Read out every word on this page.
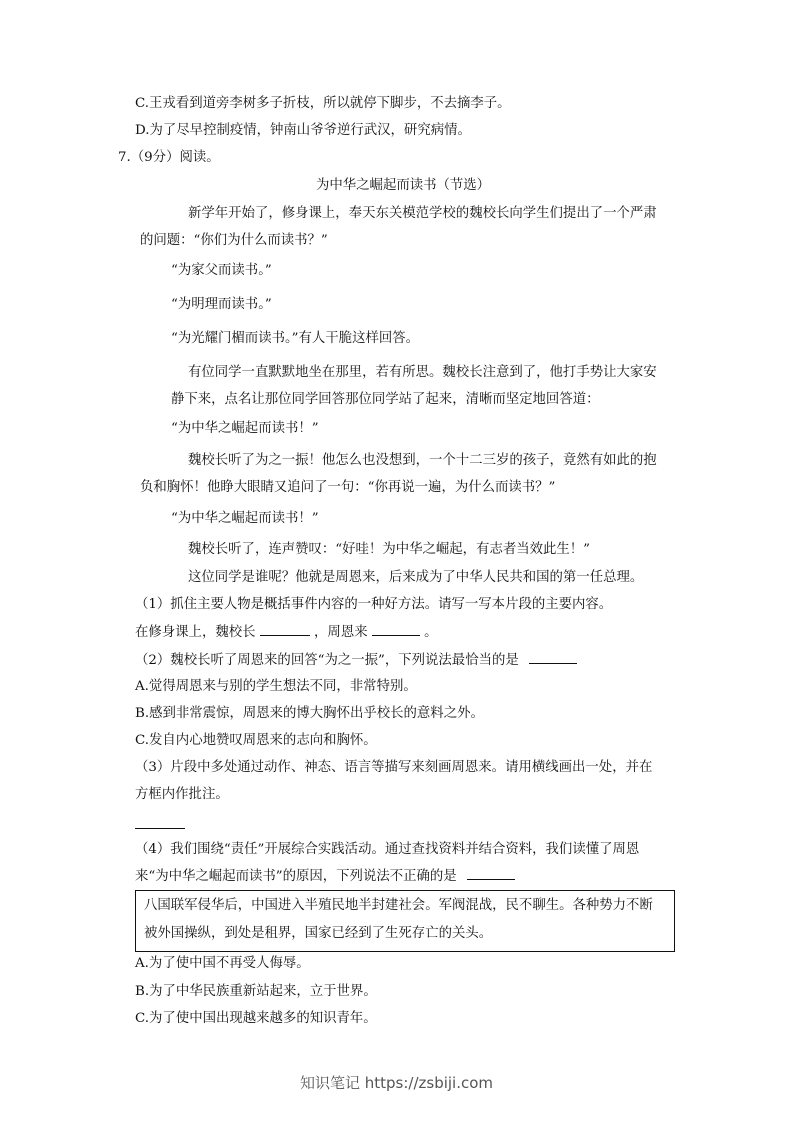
C.王戎看到道旁李树多子折枝，所以就停下脚步，不去摘李子。
D.为了尽早控制疫情，钟南山爷爷逆行武汉，研究病情。
7.（9分）阅读。
为中华之崛起而读书（节选）
新学年开始了，修身课上，奉天东关模范学校的魏校长向学生们提出了一个严肃
的问题：“你们为什么而读书？”
“为家父而读书。”
“为明理而读书。”
“为光耀门楣而读书。”有人干脆这样回答。
有位同学一直默默地坐在那里，若有所思。魏校长注意到了，他打手势让大家安
静下来，点名让那位同学回答那位同学站了起来，清晰而坚定地回答道：
“为中华之崛起而读书！”
魏校长听了为之一振！他怎么也没想到，一个十二三岁的孩子，竟然有如此的抱
负和胸怀！他睁大眼睛又追问了一句：“你再说一遍，为什么而读书？”
“为中华之崛起而读书！”
魏校长听了，连声赞叹：“好哇！为中华之崛起，有志者当效此生！”
这位同学是谁呢？他就是周恩来，后来成为了中华人民共和国的第一任总理。
（1）抓住主要人物是概括事件内容的一种好方法。请写一写本片段的主要内容。
在修身课上，魏校长	，周恩来	。
（2）魏校长听了周恩来的回答“为之一振”，下列说法最恰当的是
A.觉得周恩来与别的学生想法不同，非常特别。
B.感到非常震惊，周恩来的博大胸怀出乎校长的意料之外。
C.发自内心地赞叹周恩来的志向和胸怀。
（3）片段中多处通过动作、神态、语言等描写来刻画周恩来。请用横线画出一处，并在
方框内作批注。
（4）我们围绕“责任”开展综合实践活动。通过查找资料并结合资料，我们读懂了周恩
来“为中华之崛起而读书”的原因，下列说法不正确的是
八国联军侵华后，中国进入半殖民地半封建社会。军阀混战，民不聊生。各种势力不断
被外国操纵，到处是租界，国家已经到了生死存亡的关头。
A.为了使中国不再受人侮辱。
B.为了中华民族重新站起来，立于世界。
C.为了使中国出现越来越多的知识青年。
知识笔记 https://zsbiji.com
